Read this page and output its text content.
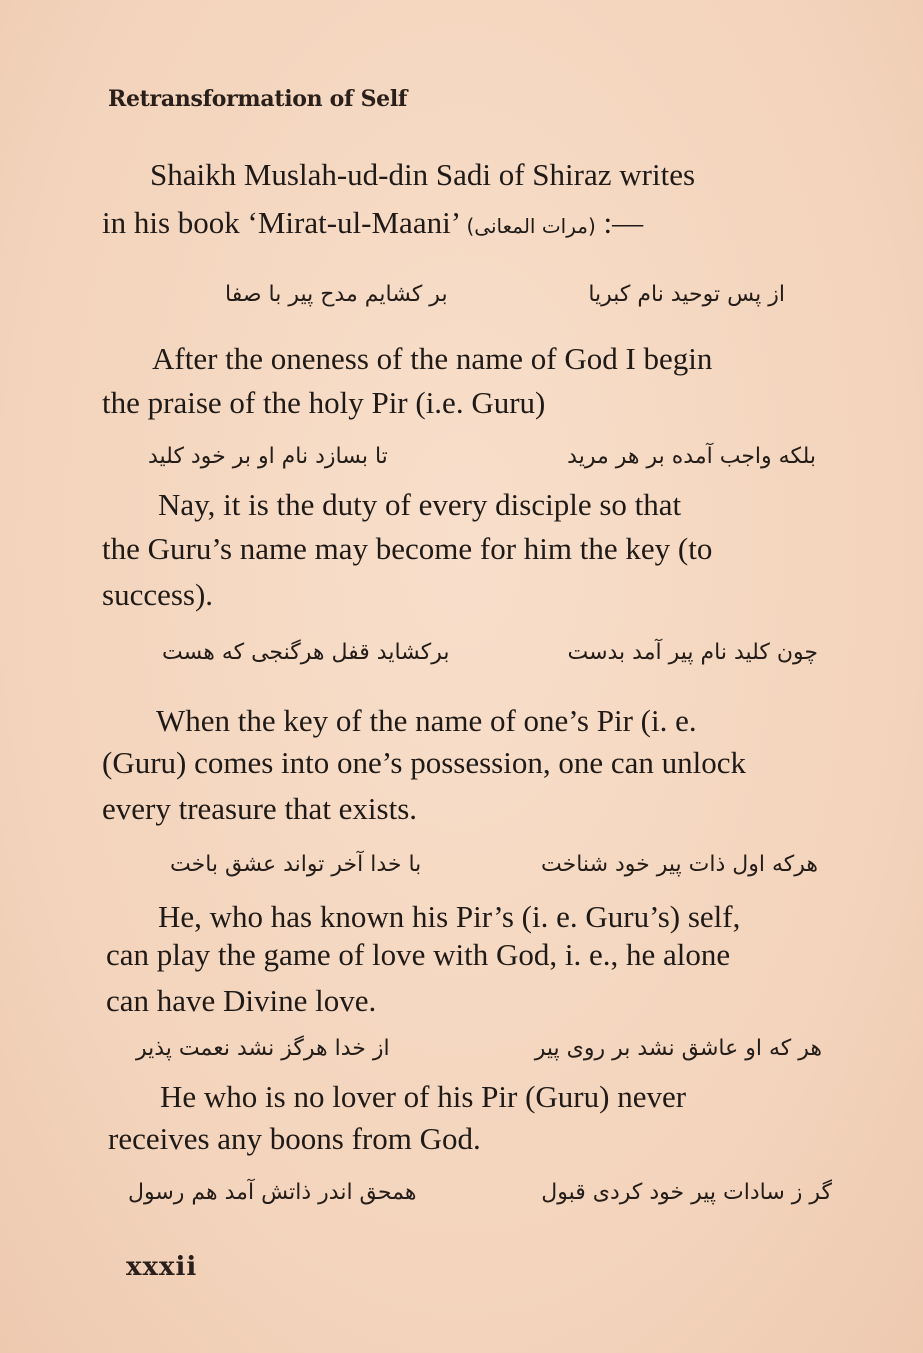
Retransformation of Self
Shaikh Muslah-ud-din Sadi of Shiraz writes
in his book ‘Mirat-ul-Maani’ (مرات المعانی) :—
از پس توحید نام کبریا
بر کشایم مدح پیر با صفا
After the oneness of the name of God I begin
the praise of the holy Pir (i.e. Guru)
بلکه واجب آمده بر هر مرید
تا بسازد نام او بر خود کلید
Nay, it is the duty of every disciple so that
the Guru’s name may become for him the key (to
success).
چون کلید نام پیر آمد بدست
برکشاید قفل هرگنجی که هست
When the key of the name of one’s Pir (i. e.
(Guru) comes into one’s possession, one can unlock
every treasure that exists.
هرکه اول ذات پیر خود شناخت
با خدا آخر تواند عشق باخت
He, who has known his Pir’s (i. e. Guru’s) self,
can play the game of love with God, i. e., he alone
can have Divine love.
هر که او عاشق نشد بر روی پیر
از خدا هرگز نشد نعمت پذیر
He who is no lover of his Pir (Guru) never
receives any boons from God.
گر ز سادات پیر خود کردی قبول
همحق اندر ذاتش آمد هم رسول
xxxii
